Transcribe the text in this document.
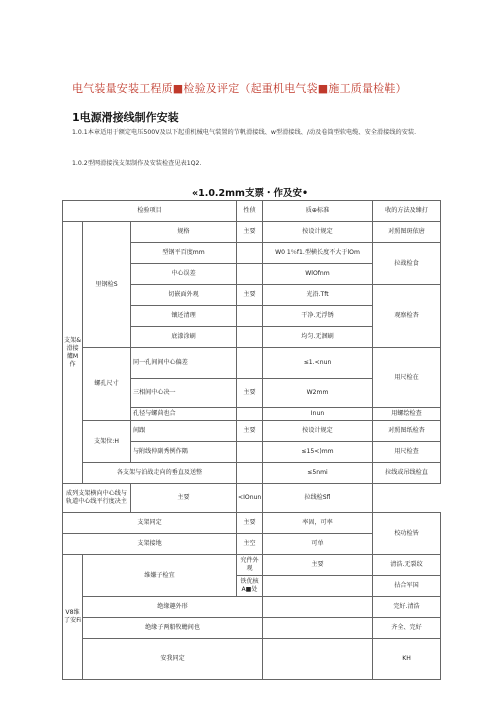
电气装量安装工程质■检验及评定（起重机电气袋■施工质量检鞋）
1电源滑接线制作安装
1.0.1本章适用于额定电压500V及以下起重机械电气装置的节帆滑接线、w型滑接线、/动及卷筒型软电缆、安全滑接线的安装.
1.0.2型网滑接浅支架制作及安装检查见表1Q2.
«1.0.2mm支票・作及安•
检验项目			性侦	质⊕标准	收的方法及臻打	
支架&滑接爐M作	里钢检S	规格	主要	按设计规定	对照图斑依唐	
		型钢平百度mm		W0 1％f1.型横长度不大于lOm	拉战检食	
		中心误差		WlOfnm		
		切嵌面外观	主要	光沿.Tft	观察检杳	
		镶还清理		干净.无浮锈		
		底漆涂刷		均匀.无溷刷		
	螺孔尺寸	同一孔间间中心偏差		≤1.<nun	用尺检在	
		三相间中心决一	主要	W2mm		
		孔径与螺茴也合		Inun	用螺绘检查	
	支架位:H	间跟	主要	按设计规定	对照图纸检杳	
		与附线仲副秀例作隅		≤15<)mm	用尺检查	
	各支架与泊战走向的垂直及送整			≤5nmi	拉线或吊线检直	
成列支架横向中心线与轨道中心线平行度决主		主要	<IOnun	拉线检Sfl		
支架同定			主要	率固，可率	校功检皆	
支架接地			主空	可单		
V8维了安Fi	维嫌子检宜		究件外观	主要	清浩.无裂纹	
			铁优核A■处		拈合军国	
	绝缘趣外形				完好.清浩	
	绝缘子两船牧蟾间也				齐全、完好	
	安我同定				KH	
